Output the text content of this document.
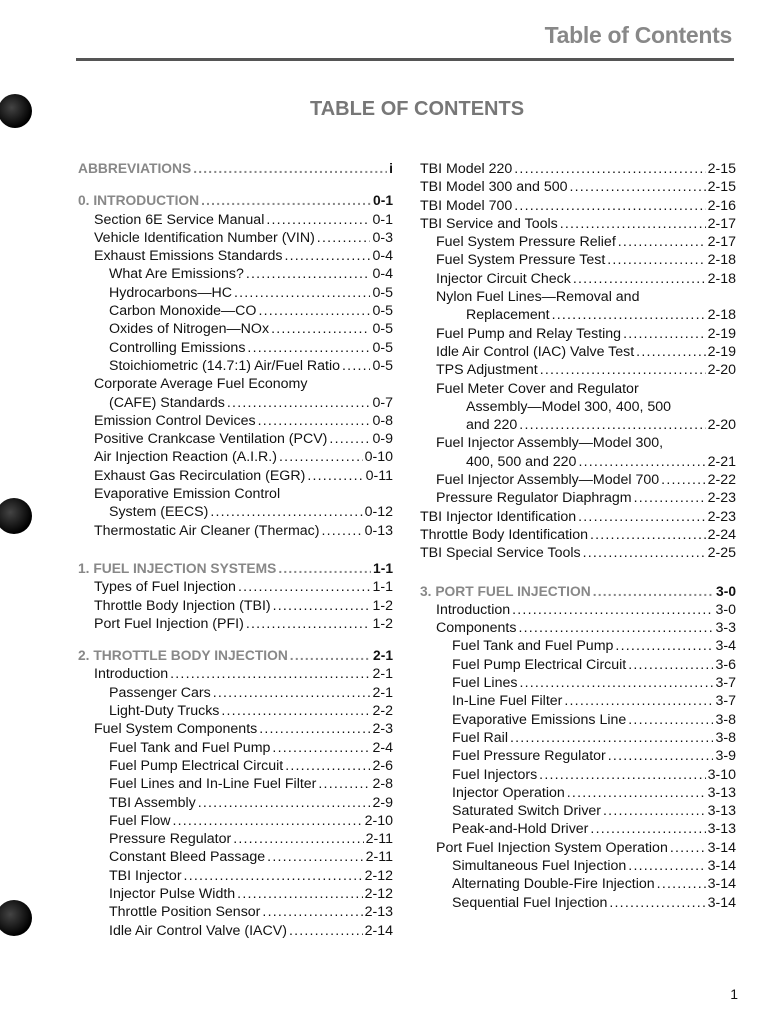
Table of Contents
TABLE OF CONTENTS
ABBREVIATIONS .....	i
0. INTRODUCTION .....	0-1
Section 6E Service Manual .....	0-1
Vehicle Identification Number (VIN) .....	0-3
Exhaust Emissions Standards .....	0-4
What Are Emissions? .....	0-4
Hydrocarbons—HC .....	0-5
Carbon Monoxide—CO .....	0-5
Oxides of Nitrogen—NOx .....	0-5
Controlling Emissions .....	0-5
Stoichiometric (14.7:1) Air/Fuel Ratio ..... 0-5
Corporate Average Fuel Economy
(CAFE) Standards .....	0-7
Emission Control Devices .....	0-8
Positive Crankcase Ventilation (PCV) .....	0-9
Air Injection Reaction (A.I.R.) .....	0-10
Exhaust Gas Recirculation (EGR) .....	0-11
Evaporative Emission Control
System (EECS) .....	0-12
Thermostatic Air Cleaner (Thermac) .....	0-13
1. FUEL INJECTION SYSTEMS .....	1-1
Types of Fuel Injection .....	1-1
Throttle Body Injection (TBI) .....	1-2
Port Fuel Injection (PFI) .....	1-2
2. THROTTLE BODY INJECTION .....	2-1
Introduction .....	2-1
Passenger Cars .....	2-1
Light-Duty Trucks .....	2-2
Fuel System Components .....	2-3
Fuel Tank and Fuel Pump .....	2-4
Fuel Pump Electrical Circuit .....	2-6
Fuel Lines and In-Line Fuel Filter .....	2-8
TBI Assembly .....	2-9
Fuel Flow .....	2-10
Pressure Regulator .....	2-11
Constant Bleed Passage .....	2-11
TBI Injector .....	2-12
Injector Pulse Width .....	2-12
Throttle Position Sensor .....	2-13
Idle Air Control Valve (IACV) .....	2-14
TBI Model 220 .....	2-15
TBI Model 300 and 500 .....	2-15
TBI Model 700 .....	2-16
TBI Service and Tools .....	2-17
Fuel System Pressure Relief .....	2-17
Fuel System Pressure Test .....	2-18
Injector Circuit Check .....	2-18
Nylon Fuel Lines—Removal and
Replacement .....	2-18
Fuel Pump and Relay Testing .....	2-19
Idle Air Control (IAC) Valve Test .....	2-19
TPS Adjustment .....	2-20
Fuel Meter Cover and Regulator
Assembly—Model 300, 400, 500
and 220 .....	2-20
Fuel Injector Assembly—Model 300,
400, 500 and 220 .....	2-21
Fuel Injector Assembly—Model 700 .....	2-22
Pressure Regulator Diaphragm .....	2-23
TBI Injector Identification .....	2-23
Throttle Body Identification .....	2-24
TBI Special Service Tools .....	2-25
3. PORT FUEL INJECTION .....	3-0
Introduction .....	3-0
Components .....	3-3
Fuel Tank and Fuel Pump .....	3-4
Fuel Pump Electrical Circuit .....	3-6
Fuel Lines .....	3-7
In-Line Fuel Filter .....	3-7
Evaporative Emissions Line .....	3-8
Fuel Rail .....	3-8
Fuel Pressure Regulator .....	3-9
Fuel Injectors .....	3-10
Injector Operation .....	3-13
Saturated Switch Driver .....	3-13
Peak-and-Hold Driver .....	3-13
Port Fuel Injection System Operation .....	3-14
Simultaneous Fuel Injection .....	3-14
Alternating Double-Fire Injection .....	3-14
Sequential Fuel Injection .....	3-14
1
